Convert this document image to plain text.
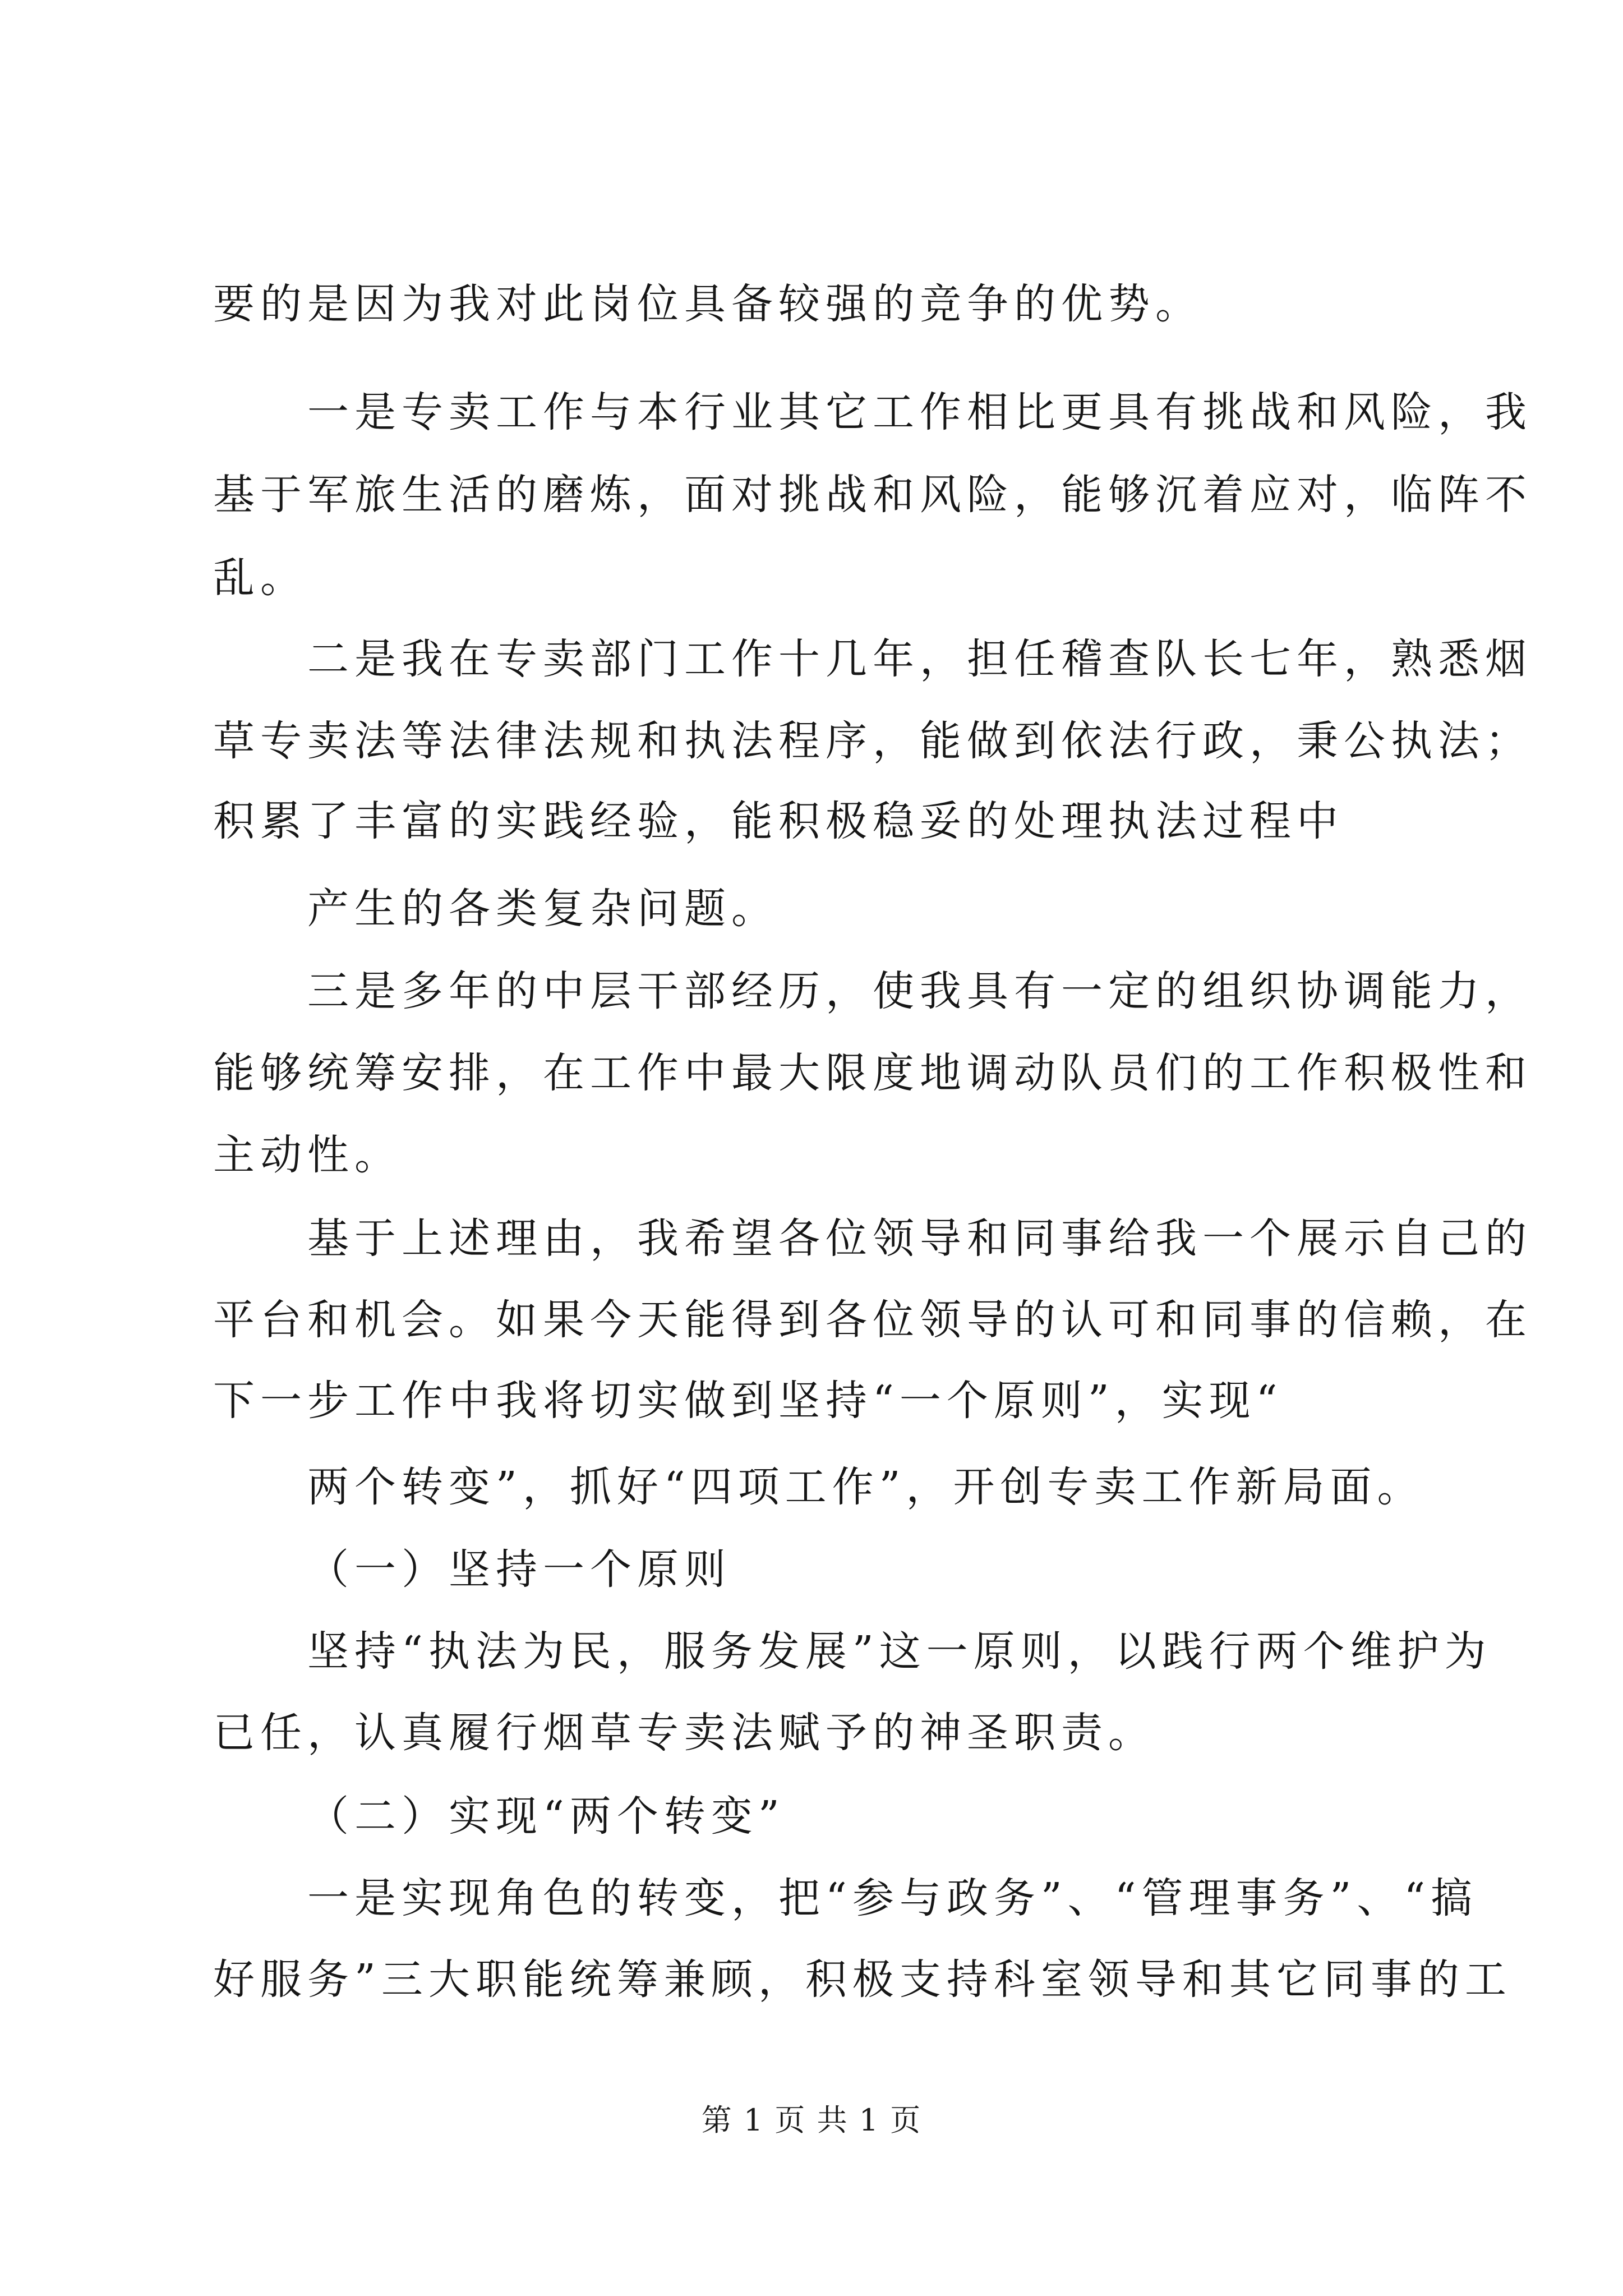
要的是因为我对此岗位具备较强的竞争的优势。
一是专卖工作与本行业其它工作相比更具有挑战和风险，我
基于军旅生活的磨炼，面对挑战和风险，能够沉着应对，临阵不
乱。
二是我在专卖部门工作十几年，担任稽查队长七年，熟悉烟
草专卖法等法律法规和执法程序，能做到依法行政，秉公执法；
积累了丰富的实践经验，能积极稳妥的处理执法过程中
产生的各类复杂问题。
三是多年的中层干部经历，使我具有一定的组织协调能力，
能够统筹安排，在工作中最大限度地调动队员们的工作积极性和
主动性。
基于上述理由，我希望各位领导和同事给我一个展示自己的
平台和机会。如果今天能得到各位领导的认可和同事的信赖，在
下一步工作中我将切实做到坚持“一个原则”，实现“
两个转变”，抓好“四项工作”，开创专卖工作新局面。
（一）坚持一个原则
坚持“执法为民，服务发展”这一原则，以践行两个维护为
已任，认真履行烟草专卖法赋予的神圣职责。
（二）实现“两个转变”
一是实现角色的转变，把“参与政务”、“管理事务”、“搞
好服务”三大职能统筹兼顾，积极支持科室领导和其它同事的工
第 1 页 共 1 页
